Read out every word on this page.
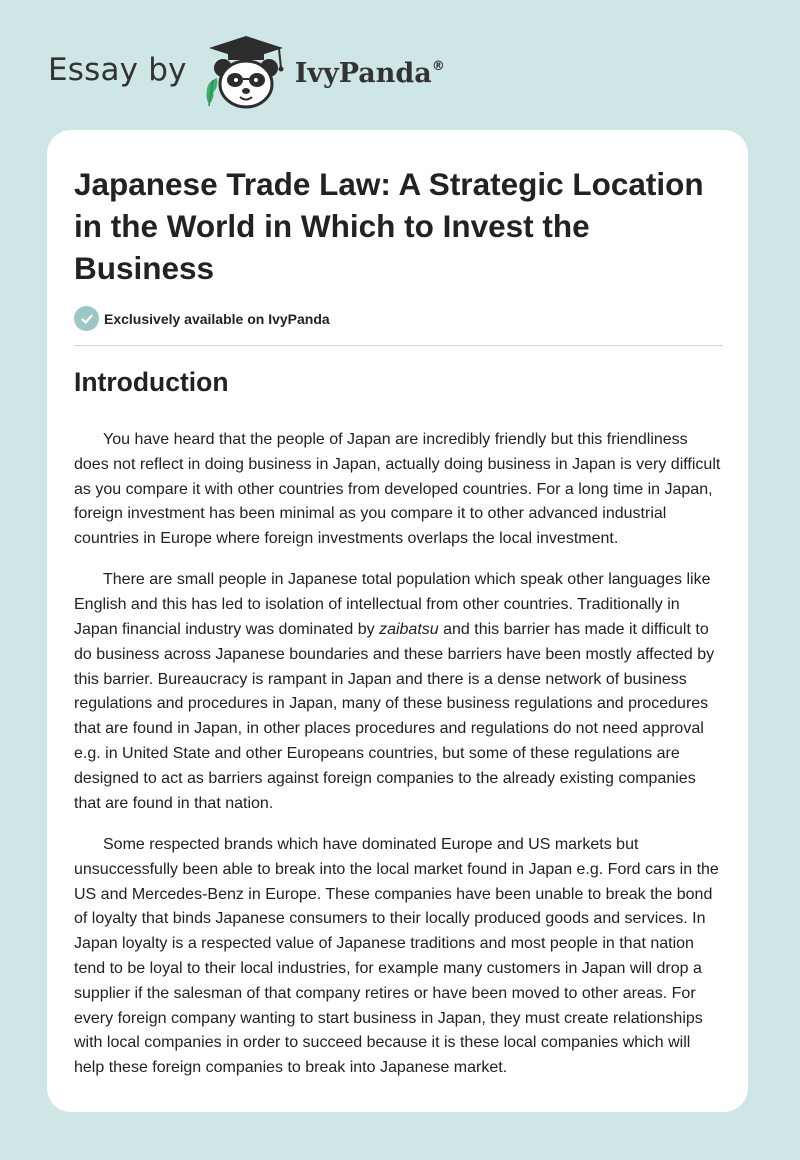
Essay by	IvyPanda®
Japanese Trade Law: A Strategic Location in the World in Which to Invest the Business
Exclusively available on IvyPanda
Introduction

You have heard that the people of Japan are incredibly friendly but this friendliness does not reflect in doing business in Japan, actually doing business in Japan is very difficult as you compare it with other countries from developed countries. For a long time in Japan, foreign investment has been minimal as you compare it to other advanced industrial countries in Europe where foreign investments overlaps the local investment.

There are small people in Japanese total population which speak other languages like English and this has led to isolation of intellectual from other countries. Traditionally in Japan financial industry was dominated by zaibatsu and this barrier has made it difficult to do business across Japanese boundaries and these barriers have been mostly affected by this barrier. Bureaucracy is rampant in Japan and there is a dense network of business regulations and procedures in Japan, many of these business regulations and procedures that are found in Japan, in other places procedures and regulations do not need approval e.g. in United State and other Europeans countries, but some of these regulations are designed to act as barriers against foreign companies to the already existing companies that are found in that nation.

Some respected brands which have dominated Europe and US markets but unsuccessfully been able to break into the local market found in Japan e.g. Ford cars in the US and Mercedes-Benz in Europe. These companies have been unable to break the bond of loyalty that binds Japanese consumers to their locally produced goods and services. In Japan loyalty is a respected value of Japanese traditions and most people in that nation tend to be loyal to their local industries, for example many customers in Japan will drop a supplier if the salesman of that company retires or have been moved to other areas. For every foreign company wanting to start business in Japan, they must create relationships with local companies in order to succeed because it is these local companies which will help these foreign companies to break into Japanese market.
